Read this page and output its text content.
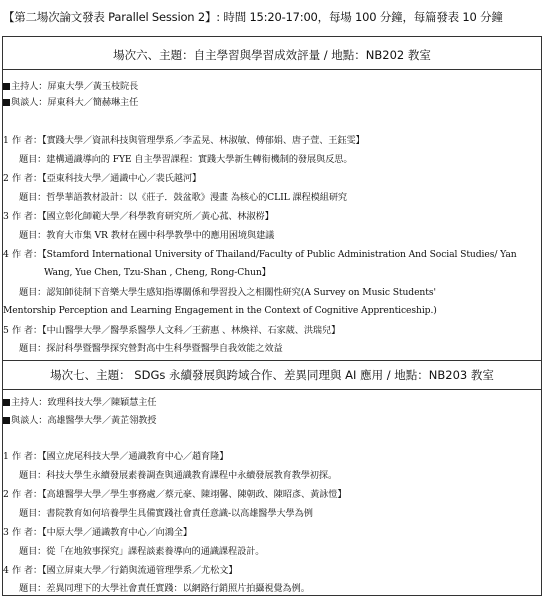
【第二場次論文發表 Parallel Session 2】: 時間 15:20-17:00，每場 100 分鐘，每篇發表 10 分鐘
場次六、主題：自主學習與學習成效評量 / 地點：NB202 教室
主持人：屏東大學／黃玉枝院長
與談人：屏東科大／簡赫琳主任
1 作 者：【實踐大學／資訊科技與管理學系／李孟晃、林淑敏、傅郁娟、唐子萱、王鈺雯】
題目：建構通識導向的 FYE 自主學習課程：實踐大學新生轉衔機制的發展與反思。
2 作 者：【亞東科技大學／通識中心／裴氏越河】
題目：哲學華語教材設計：以《莊子．鼓盆歌》漫畫 為核心的CLIL 課程模組研究
3 作 者：【國立彰化師範大學／科學教育研究所／黃心菰、林淑梤】
題目：教育大市集 VR 教材在國中科學教學中的應用困境與建議
4 作 者：【Stamford International University of Thailand/Faculty of Public Administration And Social Studies/ Yan
Wang, Yue Chen, Tzu-Shan , Cheng, Rong-Chun】
題目：認知師徒制下音樂大學生感知指導關係和學習投入之相關性研究(A Survey on Music Students'
Mentorship Perception and Learning Engagement in the Context of Cognitive Apprenticeship.)
5 作 者：【中山醫學大學／醫學系醫學人文科／王薪惠 、林煥祥、石家葳、洪瑞兒】
題目：探討科學暨醫學探究營對高中生科學暨醫學自我效能之效益
場次七、主題： SDGs 永續發展與跨域合作、差異同理與 AI 應用 / 地點：NB203 教室
主持人：致理科技大學／陳穎慧主任
與談人：高雄醫學大學／黃芷翎教授
1 作 者：【國立虎尾科技大學／通識教育中心／趙育隆】
題目：科技大學生永續發展素養調查與通識教育課程中永續發展教育教學初探。
2 作 者：【高雄醫學大學／學生事務處／蔡元豪、陳翊馨、陳朝政、陳昭彥、黃詠愷】
題目：書院教育如何培養學生具備實踐社會責任意識-以高雄醫學大學為例
3 作 者：【中原大學／通識教育中心／向鴻全】
題目：從「在地敘事探究」課程談素養導向的通識課程設計。
4 作 者：【國立屏東大學／行銷與流通管理學系／尤松文】
題目：差異同理下的大學社會責任實踐：以網路行銷照片拍攝視覺為例。
